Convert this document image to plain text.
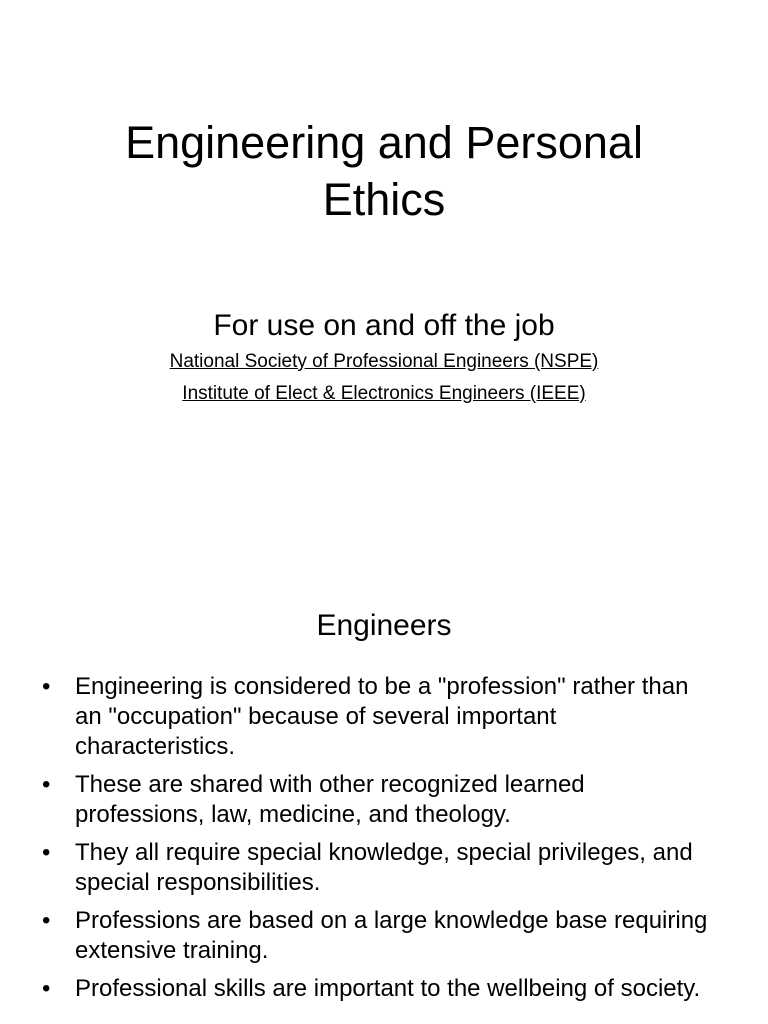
Engineering and Personal
Ethics
For use on and off the job
National Society of Professional Engineers (NSPE)
Institute of Elect & Electronics Engineers (IEEE)
Engineers
• Engineering is considered to be a "profession" rather than an "occupation" because of several important characteristics.
• These are shared with other recognized learned professions, law, medicine, and theology.
• They all require special knowledge, special privileges, and special responsibilities.
• Professions are based on a large knowledge base requiring extensive training.
• Professional skills are important to the wellbeing of society.
